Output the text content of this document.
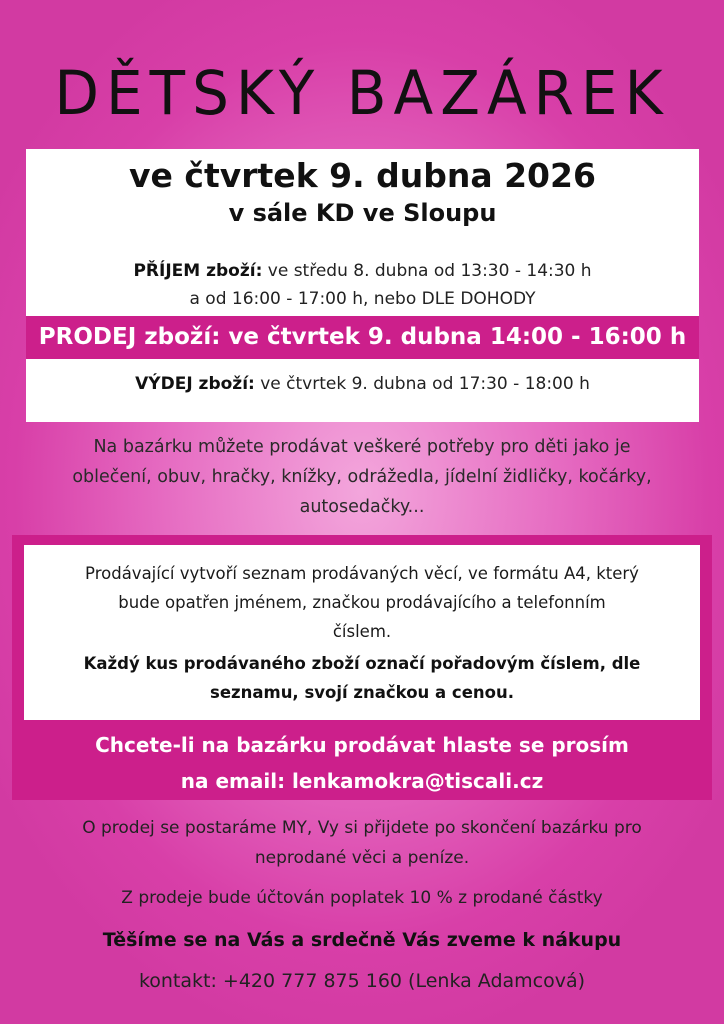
DĚTSKÝ BAZÁREK
ve čtvrtek 9. dubna 2026
v sále KD ve Sloupu
PŘÍJEM zboží: ve středu 8. dubna od 13:30 - 14:30 h
a od 16:00 - 17:00 h, nebo DLE DOHODY
PRODEJ zboží: ve čtvrtek 9. dubna 14:00 - 16:00 h
VÝDEJ zboží: ve čtvrtek 9. dubna od 17:30 - 18:00 h
Na bazárku můžete prodávat veškeré potřeby pro děti jako je
oblečení, obuv, hračky, knížky, odrážedla, jídelní židličky, kočárky,
autosedačky...
Prodávající vytvoří seznam prodávaných věcí, ve formátu A4, který
bude opatřen jménem, značkou prodávajícího a telefonním
číslem.
Každý kus prodávaného zboží označí pořadovým číslem, dle
seznamu, svojí značkou a cenou.
Chcete-li na bazárku prodávat hlaste se prosím
na email: lenkamokra@tiscali.cz
O prodej se postaráme MY, Vy si přijdete po skončení bazárku pro
neprodané věci a peníze.
Z prodeje bude účtován poplatek 10 % z prodané částky
Těšíme se na Vás a srdečně Vás zveme k nákupu
kontakt: +420 777 875 160 (Lenka Adamcová)
